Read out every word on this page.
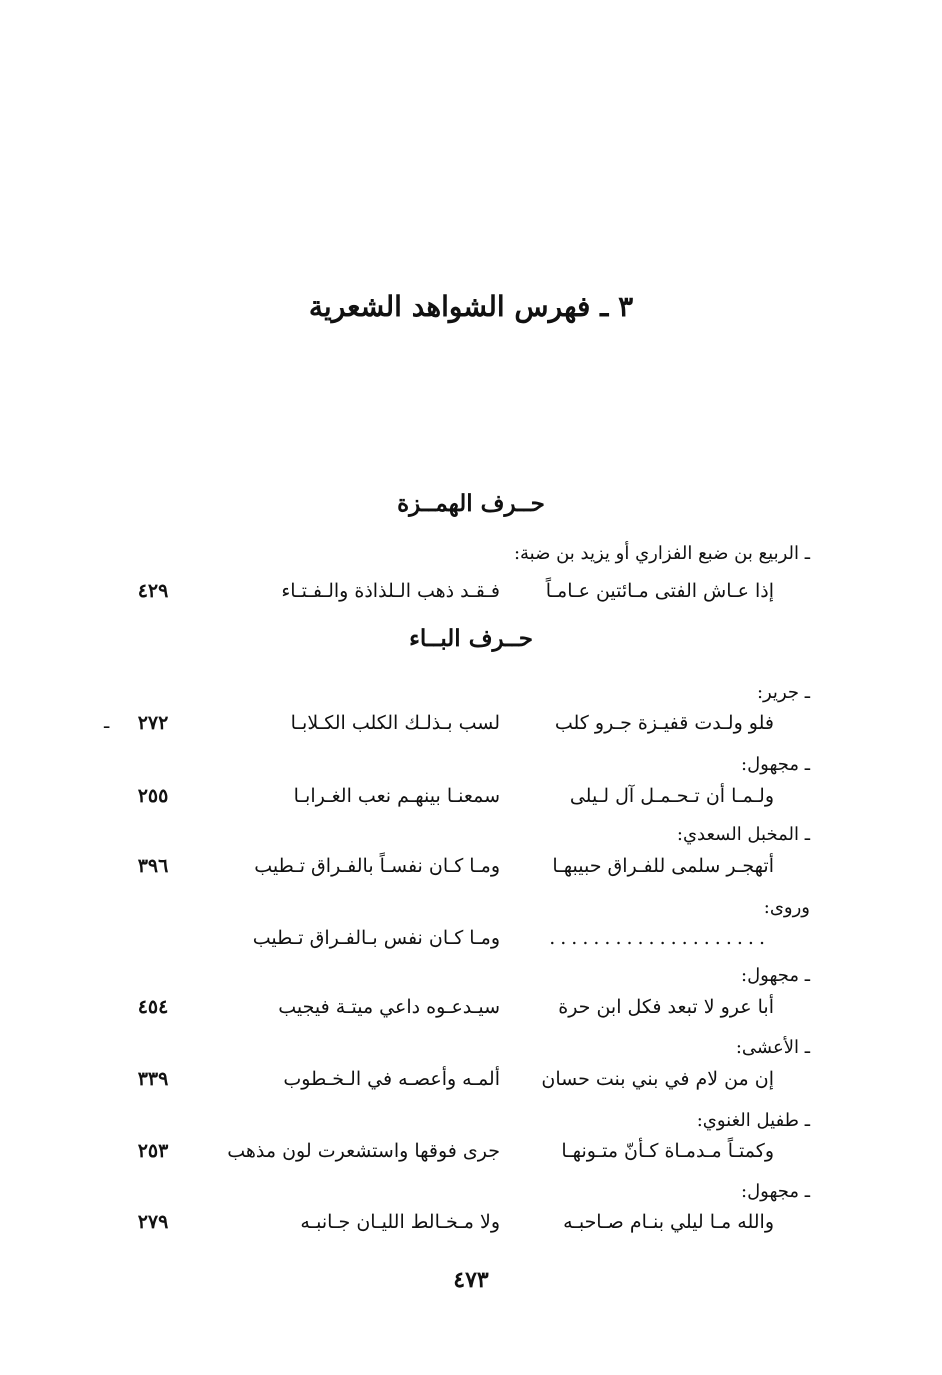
٣ ـ فهرس الشواهد الشعرية
حــرف الهمــزة
ـ الربيع بن ضبع الفزاري أو يزيد بن ضبة:
إذا عـاش الفتى مـائتين عـامـاً
فـقـد ذهب الـلذاذة والـفـتـاء
٤٢٩
حــرف البــاء
ـ جرير:
فلو ولـدت قفيـزة جـرو كلب
لسب بـذلـك الكلب الكـلابـا
٢٧٢
ـ
ـ مجهول:
ولـمـا أن تـحـمـل آل لـيلى
سمعنـا بينهـم نعب الغـرابـا
٢٥٥
ـ المخبل السعدي:
أتهجـر سلمى للفـراق حبيبهـا
ومـا كـان نفسـاً بالفـراق تـطيب
٣٩٦
وروى:
....................
ومـا كـان نفس بـالفـراق تـطيب
ـ مجهول:
أبا عرو لا تبعد فكل ابن حرة
سيـدعـوه داعي ميتـة فيجيب
٤٥٤
ـ الأعشى:
إن من لام في بني بنت حسان
ألمـه وأعصـه في الـخـطوب
٣٣٩
ـ طفيل الغنوي:
وكمتـاً مـدمـاة كـأنّ متـونهـا
جرى فوقها واستشعرت لون مذهب
٢٥٣
ـ مجهول:
والله مـا ليلي بنـام صـاحبـه
ولا مـخـالط الليـان جـانبـه
٢٧٩
٤٧٣
